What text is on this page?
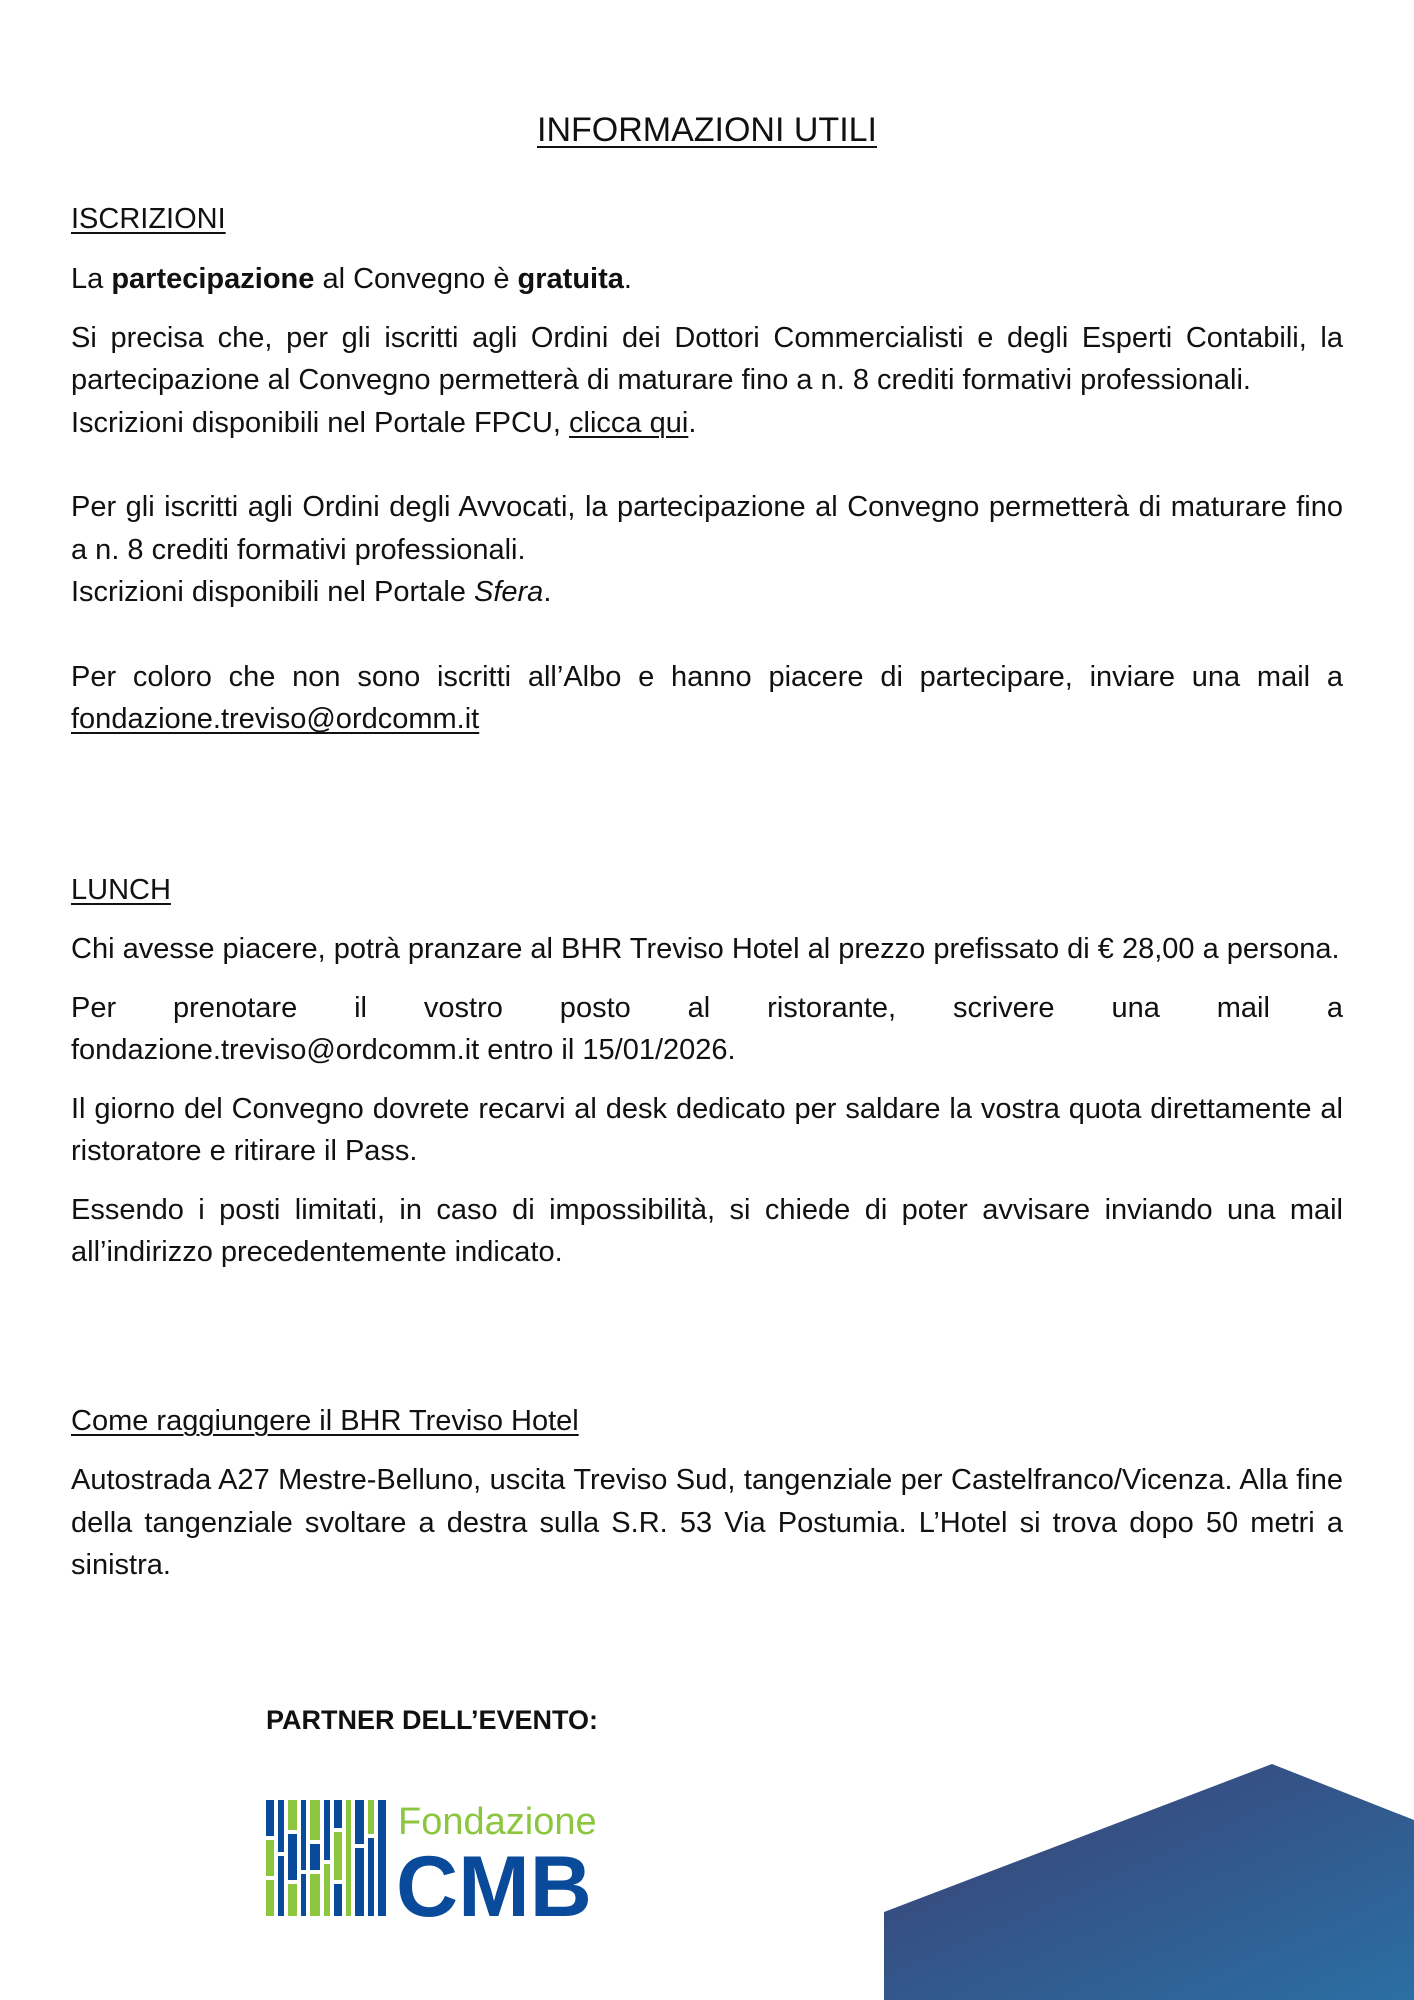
INFORMAZIONI UTILI
ISCRIZIONI

La partecipazione al Convegno è gratuita.

Si precisa che, per gli iscritti agli Ordini dei Dottori Commercialisti e degli Esperti Contabili, la partecipazione al Convegno permetterà di maturare fino a n. 8 crediti formativi professionali.

Iscrizioni disponibili nel Portale FPCU, clicca qui.

Per gli iscritti agli Ordini degli Avvocati, la partecipazione al Convegno permetterà di maturare fino a n. 8 crediti formativi professionali.

Iscrizioni disponibili nel Portale Sfera.

Per coloro che non sono iscritti all’Albo e hanno piacere di partecipare, inviare una mail a

fondazione.treviso@ordcomm.it

LUNCH

Chi avesse piacere, potrà pranzare al BHR Treviso Hotel al prezzo prefissato di € 28,00 a persona.

Per prenotare il vostro posto al ristorante, scrivere una mail a

fondazione.treviso@ordcomm.it entro il 15/01/2026.

Il giorno del Convegno dovrete recarvi al desk dedicato per saldare la vostra quota direttamente al ristoratore e ritirare il Pass.

Essendo i posti limitati, in caso di impossibilità, si chiede di poter avvisare inviando una mail all’indirizzo precedentemente indicato.

Come raggiungere il BHR Treviso Hotel

Autostrada A27 Mestre-Belluno, uscita Treviso Sud, tangenziale per Castelfranco/Vicenza. Alla fine della tangenziale svoltare a destra sulla S.R. 53 Via Postumia. L’Hotel si trova dopo 50 metri a sinistra.

PARTNER DELL’EVENTO:
Fondazione
CMB
